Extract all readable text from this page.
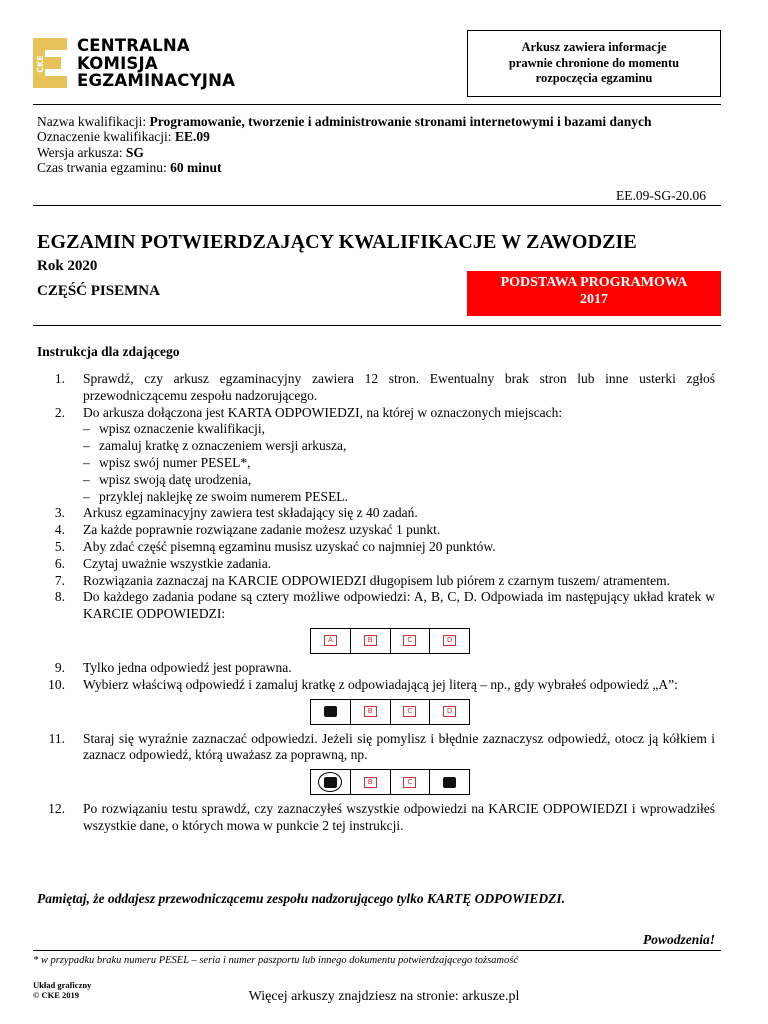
CKE
CENTRALNA
KOMISJA
EGZAMINACYJNA
Arkusz zawiera informacje
prawnie chronione do momentu
rozpoczęcia egzaminu
Nazwa kwalifikacji: Programowanie, tworzenie i administrowanie stronami internetowymi i bazami danych
Oznaczenie kwalifikacji: EE.09
Wersja arkusza: SG
Czas trwania egzaminu: 60 minut
EE.09-SG-20.06
EGZAMIN POTWIERDZAJĄCY KWALIFIKACJE W ZAWODZIE
Rok 2020
CZĘŚĆ PISEMNA
PODSTAWA PROGRAMOWA
2017
Instrukcja dla zdającego
1. Sprawdź, czy arkusz egzaminacyjny zawiera 12 stron. Ewentualny brak stron lub inne usterki zgłoś przewodniczącemu zespołu nadzorującego.
2. Do arkusza dołączona jest KARTA ODPOWIEDZI, na której w oznaczonych miejscach:
– wpisz oznaczenie kwalifikacji,
– zamaluj kratkę z oznaczeniem wersji arkusza,
– wpisz swój numer PESEL*,
– wpisz swoją datę urodzenia,
– przyklej naklejkę ze swoim numerem PESEL.
3. Arkusz egzaminacyjny zawiera test składający się z 40 zadań.
4. Za każde poprawnie rozwiązane zadanie możesz uzyskać 1 punkt.
5. Aby zdać część pisemną egzaminu musisz uzyskać co najmniej 20 punktów.
6. Czytaj uważnie wszystkie zadania.
7. Rozwiązania zaznaczaj na KARCIE ODPOWIEDZI długopisem lub piórem z czarnym tuszem/ atramentem.
8. Do każdego zadania podane są cztery możliwe odpowiedzi: A, B, C, D. Odpowiada im następujący układ kratek w KARCIE ODPOWIEDZI:
A	B	C	D
9. Tylko jedna odpowiedź jest poprawna.
10. Wybierz właściwą odpowiedź i zamaluj kratkę z odpowiadającą jej literą – np., gdy wybrałeś odpowiedź „A”:
B	C	D
11. Staraj się wyraźnie zaznaczać odpowiedzi. Jeżeli się pomylisz i błędnie zaznaczysz odpowiedź, otocz ją kółkiem i zaznacz odpowiedź, którą uważasz za poprawną, np.
B	C
12. Po rozwiązaniu testu sprawdź, czy zaznaczyłeś wszystkie odpowiedzi na KARCIE ODPOWIEDZI i wprowadziłeś wszystkie dane, o których mowa w punkcie 2 tej instrukcji.
Pamiętaj, że oddajesz przewodniczącemu zespołu nadzorującego tylko KARTĘ ODPOWIEDZI.
Powodzenia!
* w przypadku braku numeru PESEL – seria i numer paszportu lub innego dokumentu potwierdzającego tożsamość
Układ graficzny
© CKE 2019	Więcej arkuszy znajdziesz na stronie: arkusze.pl
